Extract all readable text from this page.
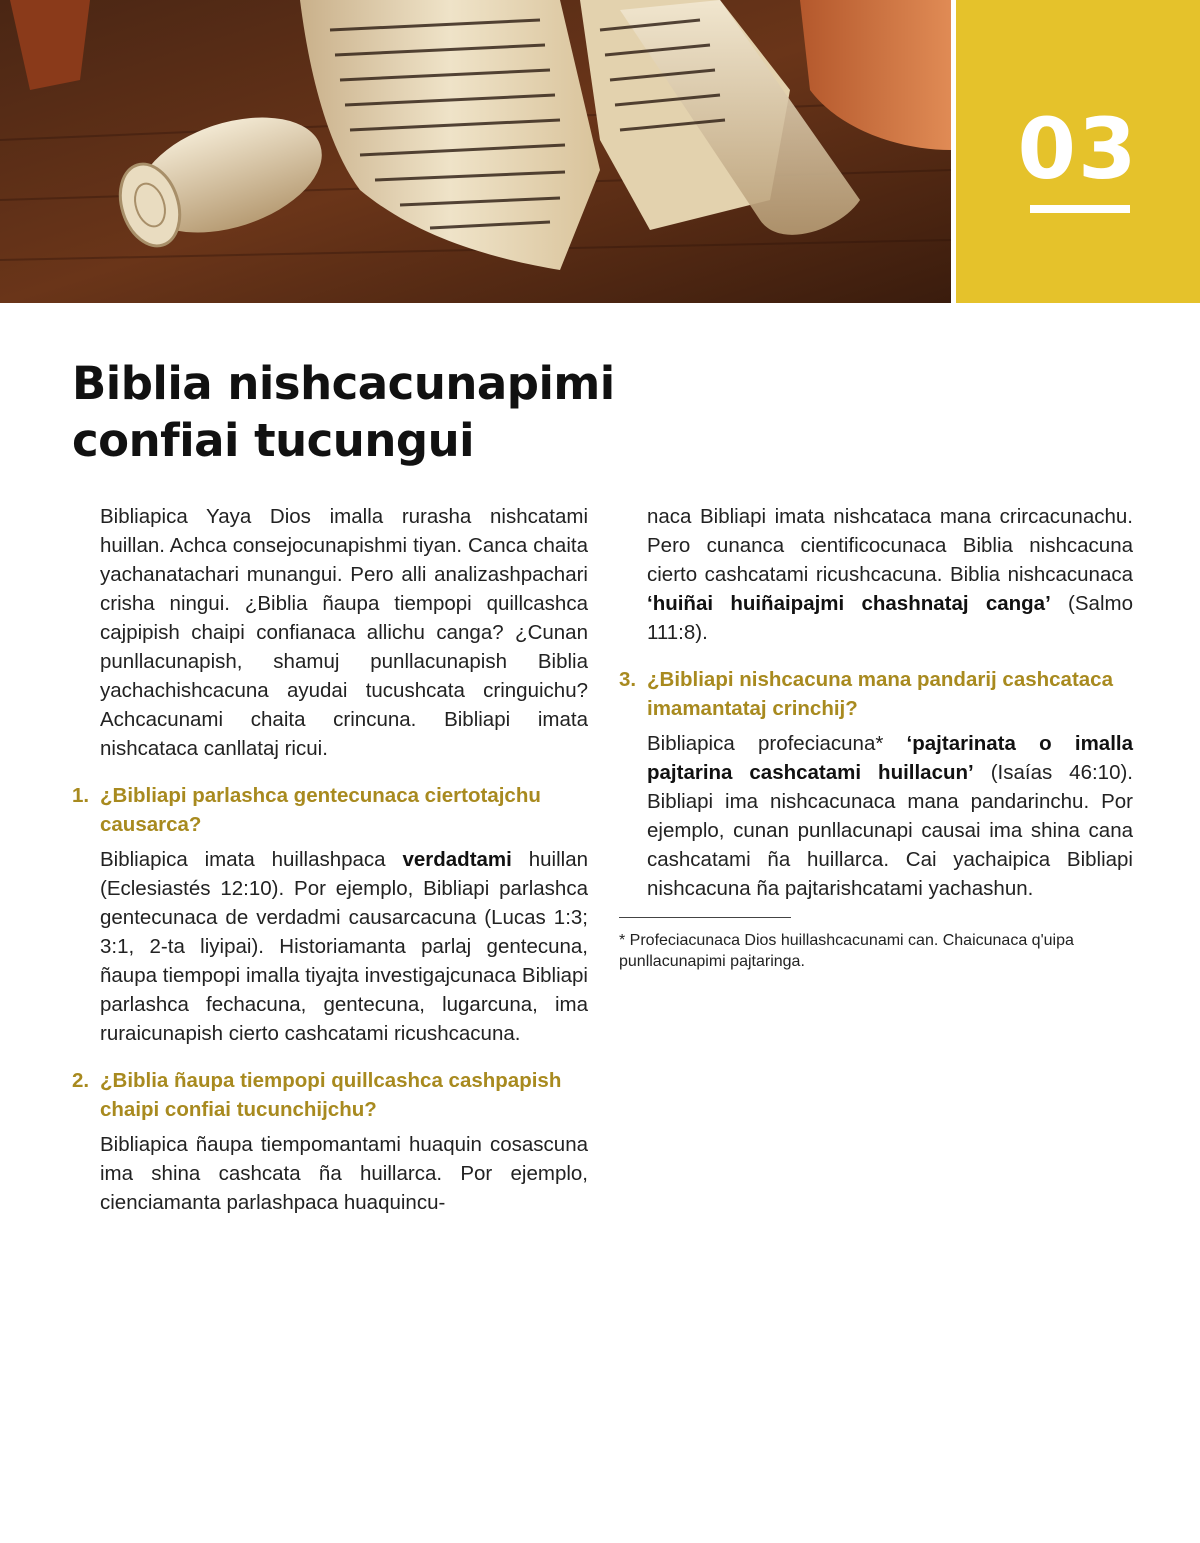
03
Biblia nishcacunapimi
confiai tucungui

Bibliapica Yaya Dios imalla rurasha nishcatami huillan. Achca consejocunapishmi tiyan. Canca chaita yachanatachari munangui. Pero alli analizashpachari crisha ningui. ¿Biblia ñaupa tiempopi quillcashca cajpipish chaipi confianaca allichu canga? ¿Cunan punllacunapish, shamuj punllacunapish Biblia yachachishcacuna ayudai tucushcata cringuichu? Achcacunami chaita crincuna. Bibliapi imata nishcataca canllataj ricui.

1. ¿Bibliapi parlashca gentecunaca ciertotajchu causarca?

Bibliapica imata huillashpaca verdadtami huillan (Eclesiastés 12:10). Por ejemplo, Bibliapi parlashca gentecunaca de verdadmi causarcacuna (Lucas 1:3; 3:1, 2-ta liyipai). Historiamanta parlaj gentecuna, ñaupa tiempopi imalla tiyajta investigajcunaca Bibliapi parlashca fechacuna, gentecuna, lugarcuna, ima ruraicunapish cierto cashcatami ricushcacuna.

2. ¿Biblia ñaupa tiempopi quillcashca cashpapish chaipi confiai tucunchijchu?

Bibliapica ñaupa tiempomantami huaquin cosascuna ima shina cashcata ña huillarca. Por ejemplo, cienciamanta parlashpaca huaquincu-

naca Bibliapi imata nishcataca mana crircacunachu. Pero cunanca cientificocunaca Biblia nishcacuna cierto cashcatami ricushcacuna. Biblia nishcacunaca ‘huiñai huiñaipajmi chashnataj canga’ (Salmo 111:8).

3. ¿Bibliapi nishcacuna mana pandarij cashcataca imamantataj crinchij?

Bibliapica profeciacuna* ‘pajtarinata o imalla pajtarina cashcatami huillacun’ (Isaías 46:10). Bibliapi ima nishcacunaca mana pandarinchu. Por ejemplo, cunan punllacunapi causai ima shina cana cashcatami ña huillarca. Cai yachaipica Bibliapi nishcacuna ña pajtarishcatami yachashun.

* Profeciacunaca Dios huillashcacunami can. Chaicunaca q'uipa punllacunapimi pajtaringa.
